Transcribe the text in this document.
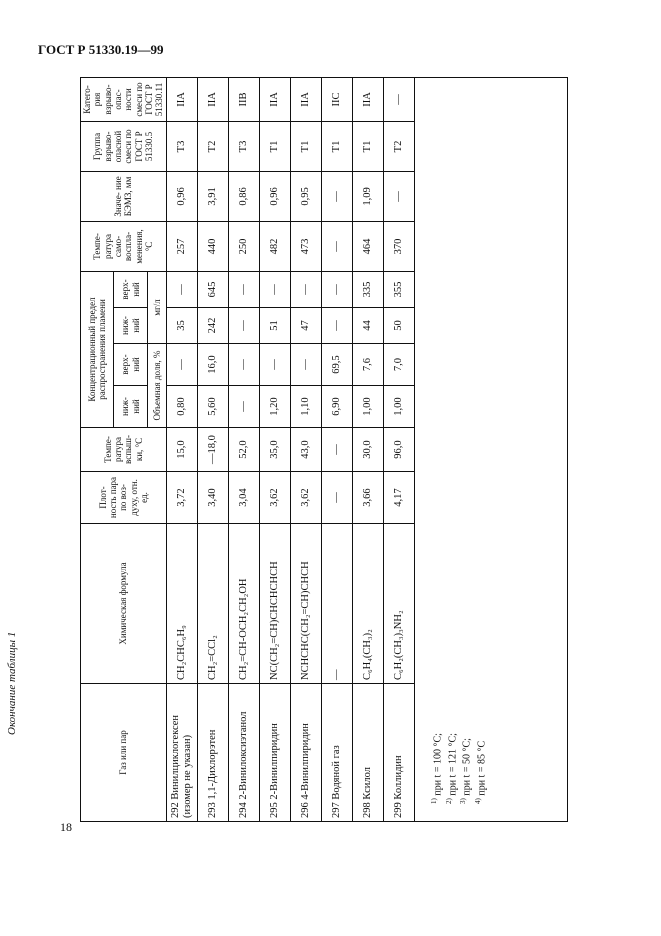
ГОСТ Р 51330.19—99
Окончание таблицы 1
18
Газ или пар	Химическая формула	Плот- ность пара по воз- духу, отн. ед.	Темпе- ратура вспыш- ки, °С	Концентрационный предел распространения пламени				Темпе- ратура само- воспла- менения, °С	Значе- ние БЭМЗ, мм	Группа взрыво- опасной смеси по ГОСТ Р 51330.5	Катего- рия взрыво- опас- ности смеси по ГОСТ Р 51330.11
				ниж- ний	верх- ний	ниж- ний	верх- ний				
				Объемная доля, %		мг/л					
292 Винилциклогексен (изомер не указан)	CH₂CHC₆H₉	3,72	15,0	0,80	—	35	—	257	0,96	Т3	IIA
293 1,1-Дихлорэтен	CH₂=CCl₂	3,40	—18,0	5,60	16,0	242	645	440	3,91	Т2	IIA
294 2-Винилоксиэтанол	CH₂=CH-OCH₂CH₂OH	3,04	52,0	—	—	—	—	250	0,86	Т3	IIB
295 2-Винилпиридин	NC(CH₂=CH)CHCHCHCH	3,62	35,0	1,20	—	51	—	482	0,96	Т1	IIA
296 4-Винилпиридин	NCHCHC(CH₂=CH)CHCH	3,62	43,0	1,10	—	47	—	473	0,95	Т1	IIA
297 Водяной газ	—	—	—	6,90	69,5	—	—	—	—	Т1	IIC
298 Ксилол	C₆H₄(CH₃)₂	3,66	30,0	1,00	7,6	44	335	464	1,09	Т1	IIA
299 Коллидин	C₆H₂(CH₃)₃NH₂	4,17	96,0	1,00	7,0	50	355	370	—	Т2	—

$^{1)}$ при t = 100 °С;
$^{2)}$ при t = 121 °С;
$^{3)}$ при t = 50 °С;
$^{4)}$ при t = 85 °С											
